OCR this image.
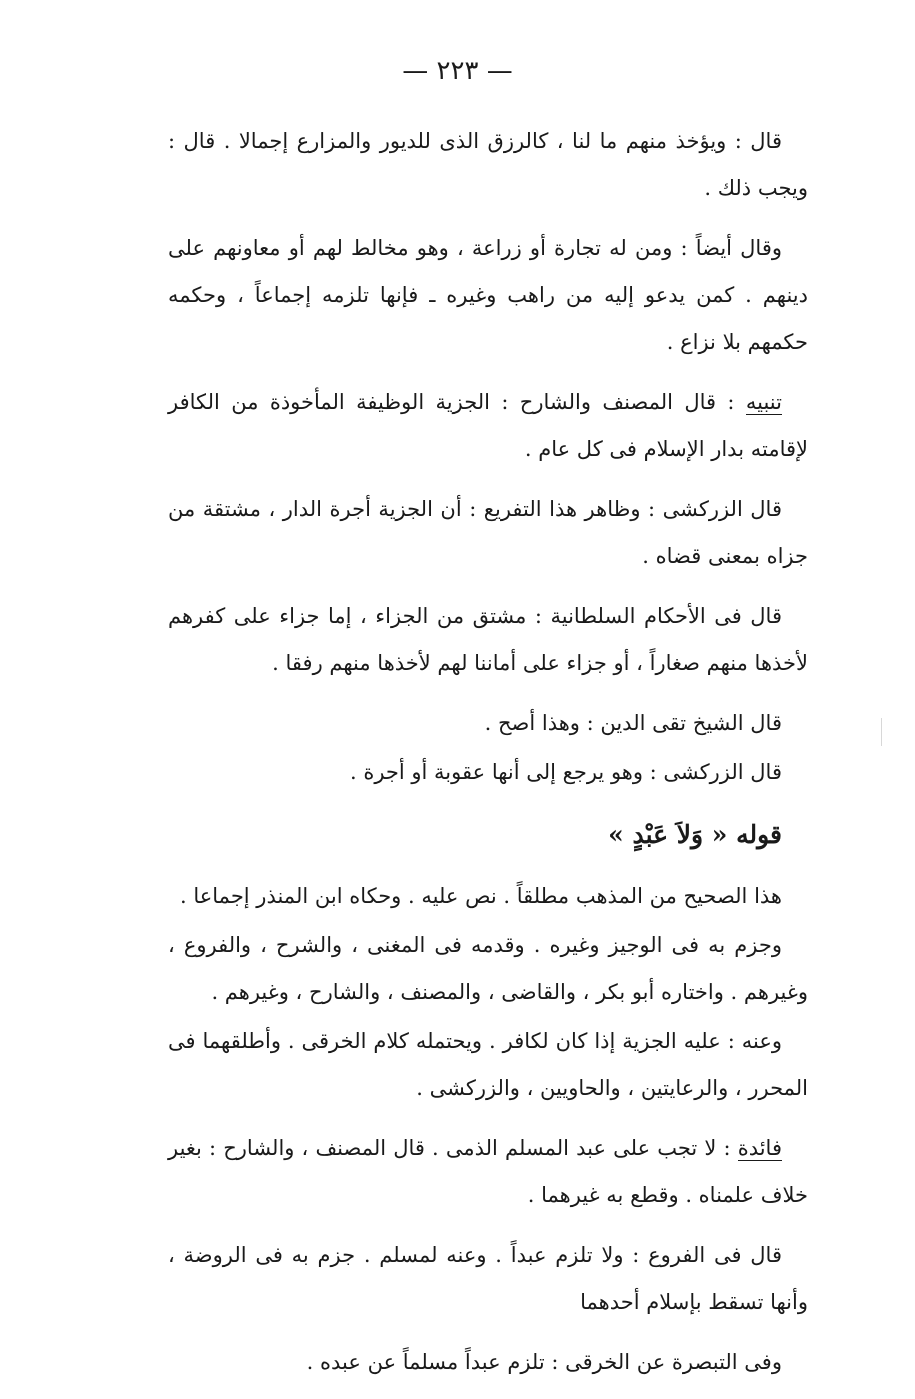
— ٢٢٣ —

قال : ويؤخذ منهم ما لنا ، كالرزق الذى للديور والمزارع إجمالا . قال : ويجب ذلك .

وقال أيضاً : ومن له تجارة أو زراعة ، وهو مخالط لهم أو معاونهم على دينهم . كمن يدعو إليه من راهب وغيره ـ فإنها تلزمه إجماعاً ، وحكمه حكمهم بلا نزاع .

تنبيه : قال المصنف والشارح : الجزية الوظيفة المأخوذة من الكافر لإقامته بدار الإسلام فى كل عام .

قال الزركشى : وظاهر هذا التفريع : أن الجزية أجرة الدار ، مشتقة من جزاه بمعنى قضاه .

قال فى الأحكام السلطانية : مشتق من الجزاء ، إما جزاء على كفرهم لأخذها منهم صغاراً ، أو جزاء على أماننا لهم لأخذها منهم رفقا .

قال الشيخ تقى الدين : وهذا أصح .

قال الزركشى : وهو يرجع إلى أنها عقوبة أو أجرة .

قوله « وَلاَ عَبْدٍ »

هذا الصحيح من المذهب مطلقاً . نص عليه . وحكاه ابن المنذر إجماعا .

وجزم به فى الوجيز وغيره . وقدمه فى المغنى ، والشرح ، والفروع ، وغيرهم . واختاره أبو بكر ، والقاضى ، والمصنف ، والشارح ، وغيرهم .

وعنه : عليه الجزية إذا كان لكافر . ويحتمله كلام الخرقى . وأطلقهما فى المحرر ، والرعايتين ، والحاويين ، والزركشى .

فائدة : لا تجب على عبد المسلم الذمى . قال المصنف ، والشارح : بغير خلاف علمناه . وقطع به غيرهما .

قال فى الفروع : ولا تلزم عبداً . وعنه لمسلم . جزم به فى الروضة ، وأنها تسقط بإسلام أحدهما

وفى التبصرة عن الخرقى : تلزم عبداً مسلماً عن عبده .
